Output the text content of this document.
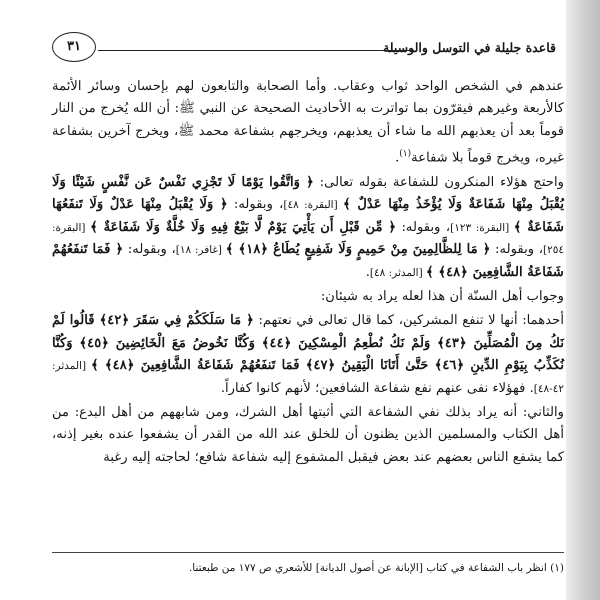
قاعدة جليلة في التوسل والوسيلة
٣١

عندهم في الشخص الواحد ثواب وعقاب. وأما الصحابة والتابعون لهم بإحسان وسائر الأئمة كالأربعة وغيرهم فيقرّون بما تواترت به الأحاديث الصحيحة عن النبي ﷺ: أن الله يُخرج من النار قوماً بعد أن يعذبهم الله ما شاء أن يعذبهم، ويخرجهم بشفاعة محمد ﷺ، ويخرج آخرين بشفاعة غيره، ويخرج قوماً بلا شفاعة$^{(١)}$.

واحتج هؤلاء المنكرون للشفاعة بقوله تعالى: ﴿ وَاتَّقُوا يَوْمًا لَا تَجْزِي نَفْسٌ عَن نَّفْسٍ شَيْئًا وَلَا يُقْبَلُ مِنْهَا شَفَاعَةٌ وَلَا يُؤْخَذُ مِنْهَا عَدْلٌ ﴾ [البقرة: ٤٨]، وبقوله: ﴿ وَلَا يُقْبَلُ مِنْهَا عَدْلٌ وَلَا تَنفَعُهَا شَفَاعَةٌ ﴾ [البقرة: ١٢٣]، وبقوله: ﴿ مِّن قَبْلِ أَن يَأْتِيَ يَوْمٌ لَّا بَيْعٌ فِيهِ وَلَا خُلَّةٌ وَلَا شَفَاعَةٌ ﴾ [البقرة: ٢٥٤]، وبقوله: ﴿ مَا لِلظَّالِمِينَ مِنْ حَمِيمٍ وَلَا شَفِيعٍ يُطَاعُ ﴿١٨﴾ ﴾ [غافر: ١٨]، وبقوله: ﴿ فَمَا تَنفَعُهُمْ شَفَاعَةُ الشَّافِعِينَ ﴿٤٨﴾ ﴾ [المدثر: ٤٨].

وجواب أهل السنّة أن هذا لعله يراد به شيئان:

أحدهما: أنها لا تنفع المشركين، كما قال تعالى في نعتهم: ﴿ مَا سَلَكَكُمْ فِي سَقَرَ ﴿٤٢﴾ قَالُوا لَمْ نَكُ مِنَ الْمُصَلِّينَ ﴿٤٣﴾ وَلَمْ نَكُ نُطْعِمُ الْمِسْكِينَ ﴿٤٤﴾ وَكُنَّا نَخُوضُ مَعَ الْخَائِضِينَ ﴿٤٥﴾ وَكُنَّا نُكَذِّبُ بِيَوْمِ الدِّينِ ﴿٤٦﴾ حَتَّىٰ أَتَانَا الْيَقِينُ ﴿٤٧﴾ فَمَا تَنفَعُهُمْ شَفَاعَةُ الشَّافِعِينَ ﴿٤٨﴾ ﴾ [المدثر: ٤٢-٤٨]. فهؤلاء نفى عنهم نفع شفاعة الشافعين؛ لأنهم كانوا كفاراً.

والثاني: أنه يراد بذلك نفي الشفاعة التي أثبتها أهل الشرك، ومن شابههم من أهل البدع: من أهل الكتاب والمسلمين الذين يظنون أن للخلق عند الله من القدر أن يشفعوا عنده بغير إذنه، كما يشفع الناس بعضهم عند بعض فيقبل المشفوع إليه شفاعة شافع؛ لحاجته إليه رغبة

(١) انظر باب الشفاعة في كتاب [الإبانة عن أصول الديانة] للأشعري ص ١٧٧ من طبعتنا.
